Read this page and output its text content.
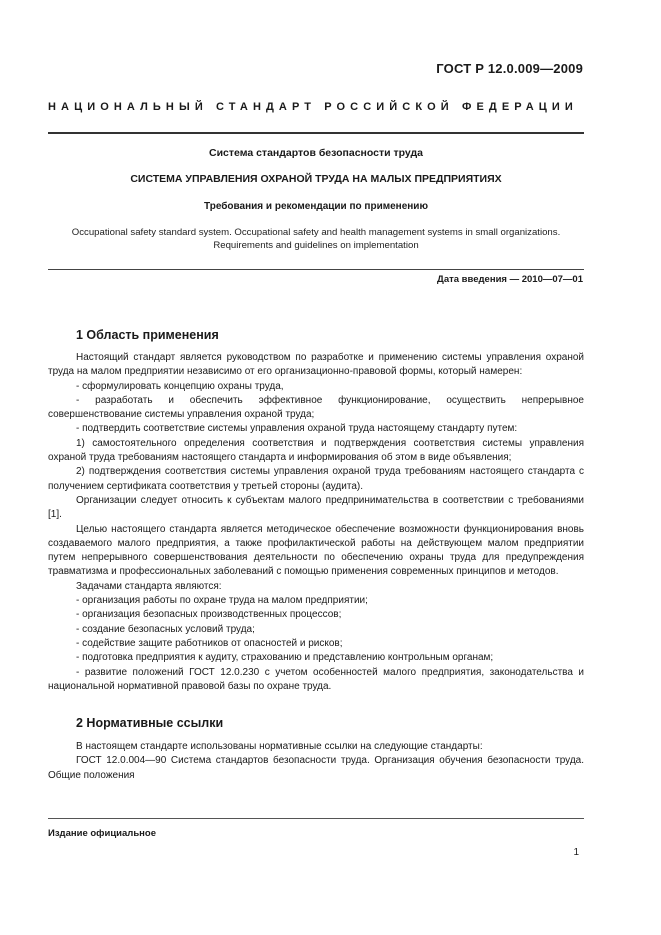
ГОСТ Р 12.0.009—2009
НАЦИОНАЛЬНЫЙ СТАНДАРТ РОССИЙСКОЙ ФЕДЕРАЦИИ
Система стандартов безопасности труда
СИСТЕМА УПРАВЛЕНИЯ ОХРАНОЙ ТРУДА НА МАЛЫХ ПРЕДПРИЯТИЯХ
Требования и рекомендации по применению
Occupational safety standard system. Occupational safety and health management systems in small organizations.
Requirements and guidelines on implementation
Дата введения — 2010—07—01
1 Область применения

Настоящий стандарт является руководством по разработке и применению системы управления охраной труда на малом предприятии независимо от его организационно-правовой формы, который намерен:

- сформулировать концепцию охраны труда,

- разработать и обеспечить эффективное функционирование, осуществить непрерывное совершенствование системы управления охраной труда;

- подтвердить соответствие системы управления охраной труда настоящему стандарту путем:

1) самостоятельного определения соответствия и подтверждения соответствия системы управления охраной труда требованиям настоящего стандарта и информирования об этом в виде объявления;

2) подтверждения соответствия системы управления охраной труда требованиям настоящего стандарта с получением сертификата соответствия у третьей стороны (аудита).

Организации следует относить к субъектам малого предпринимательства в соответствии с требованиями [1].

Целью настоящего стандарта является методическое обеспечение возможности функционирования вновь создаваемого малого предприятия, а также профилактической работы на действующем малом предприятии путем непрерывного совершенствования деятельности по обеспечению охраны труда для предупреждения травматизма и профессиональных заболеваний с помощью применения современных принципов и методов.

Задачами стандарта являются:

- организация работы по охране труда на малом предприятии;

- организация безопасных производственных процессов;

- создание безопасных условий труда;

- содействие защите работников от опасностей и рисков;

- подготовка предприятия к аудиту, страхованию и представлению контрольным органам;

- развитие положений ГОСТ 12.0.230 с учетом особенностей малого предприятия, законодательства и национальной нормативной правовой базы по охране труда.

2 Нормативные ссылки

В настоящем стандарте использованы нормативные ссылки на следующие стандарты:

ГОСТ 12.0.004—90 Система стандартов безопасности труда. Организация обучения безопасности труда. Общие положения

Издание официальное
1
